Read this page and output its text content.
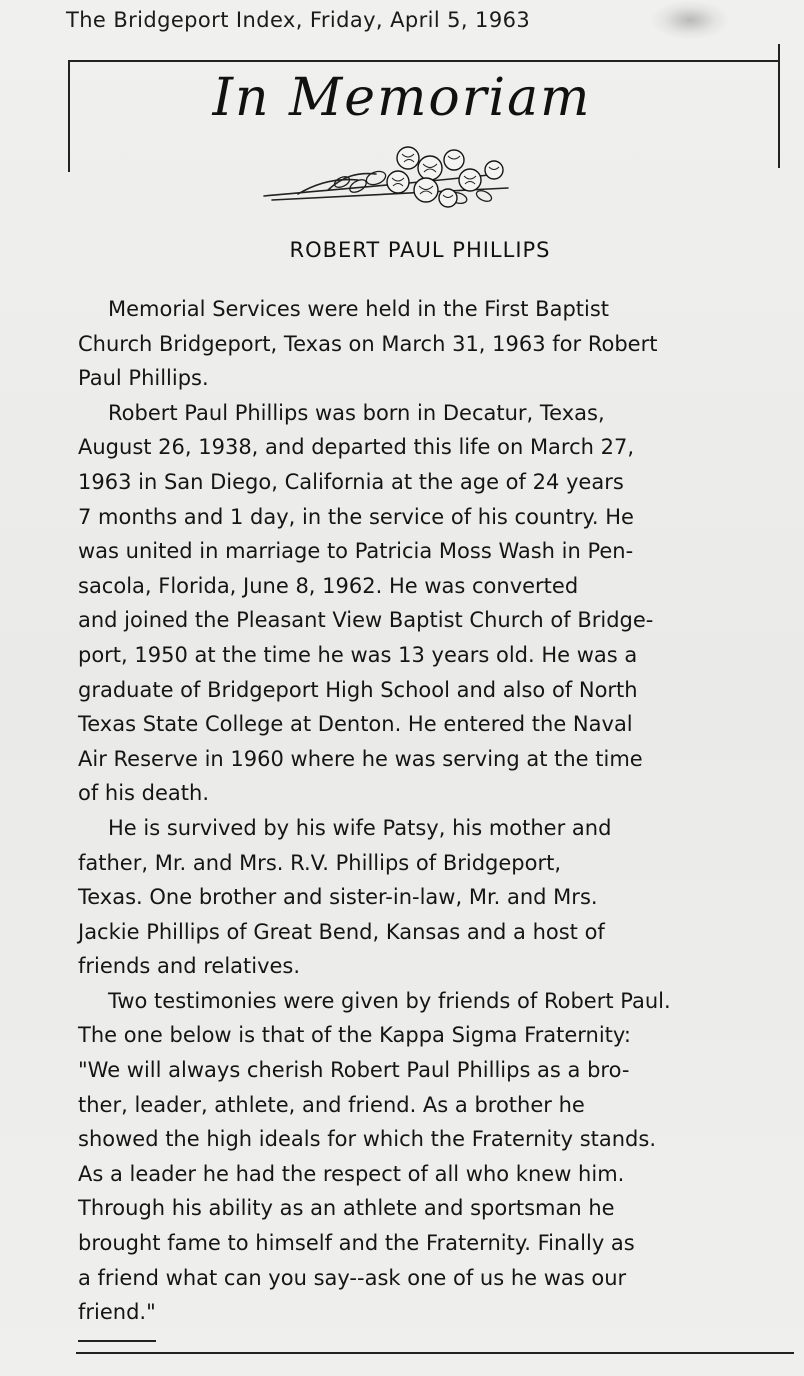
The Bridgeport Index, Friday, April 5, 1963
In Memoriam
ROBERT PAUL PHILLIPS
Memorial Services were held in the First Baptist
Church Bridgeport, Texas on March 31, 1963 for Robert
Paul Phillips.
Robert Paul Phillips was born in Decatur, Texas,
August 26, 1938, and departed this life on March 27,
1963 in San Diego, California at the age of 24 years
7 months and 1 day, in the service of his country. He
was united in marriage to Patricia Moss Wash in Pen-
sacola, Florida, June 8, 1962. He was converted
and joined the Pleasant View Baptist Church of Bridge-
port, 1950 at the time he was 13 years old. He was a
graduate of Bridgeport High School and also of North
Texas State College at Denton. He entered the Naval
Air Reserve in 1960 where he was serving at the time
of his death.
He is survived by his wife Patsy, his mother and
father, Mr. and Mrs. R.V. Phillips of Bridgeport,
Texas. One brother and sister-in-law, Mr. and Mrs.
Jackie Phillips of Great Bend, Kansas and a host of
friends and relatives.
Two testimonies were given by friends of Robert Paul.
The one below is that of the Kappa Sigma Fraternity:
"We will always cherish Robert Paul Phillips as a bro-
ther, leader, athlete, and friend. As a brother he
showed the high ideals for which the Fraternity stands.
As a leader he had the respect of all who knew him.
Through his ability as an athlete and sportsman he
brought fame to himself and the Fraternity. Finally as
a friend what can you say--ask one of us he was our
friend."
